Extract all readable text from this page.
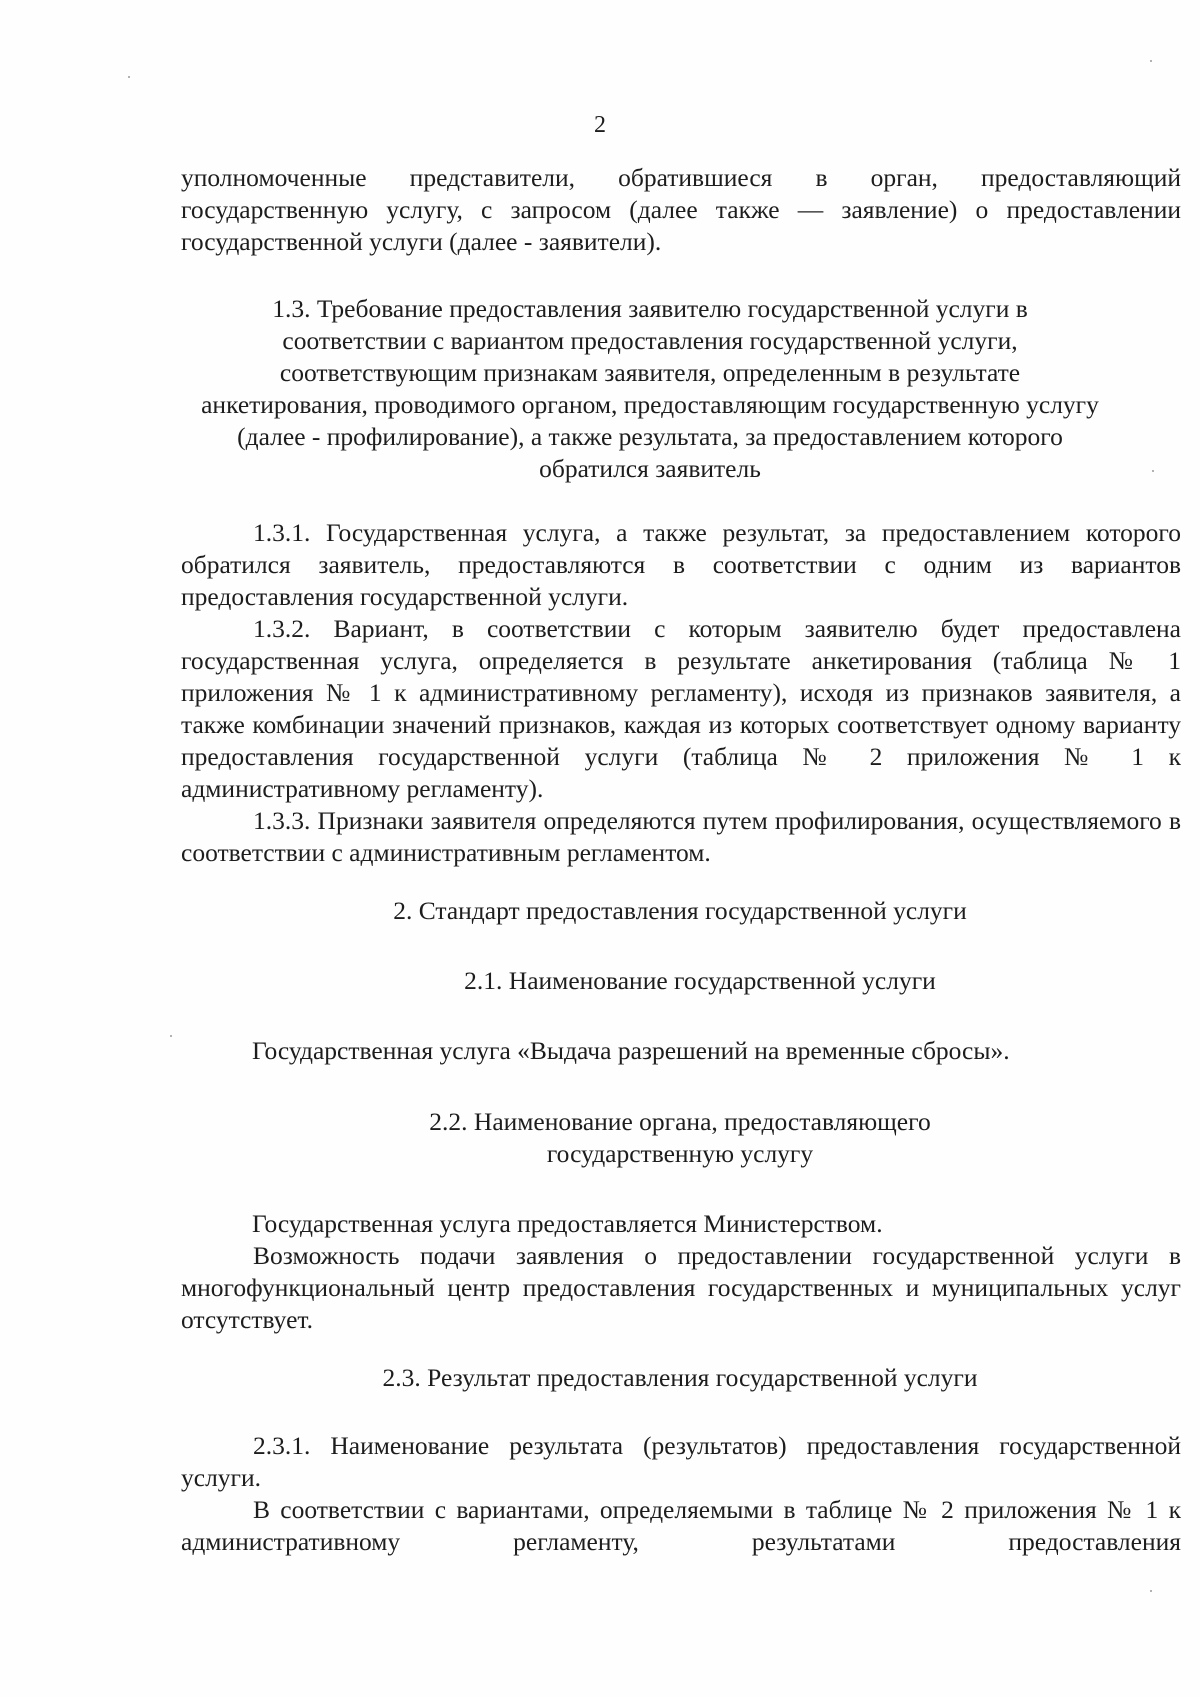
2

уполномоченные представители, обратившиеся в орган, предоставляющий государственную услугу, с запросом (далее также — заявление) о предоставлении государственной услуги (далее - заявители).

1.3. Требование предоставления заявителю государственной услуги в соответствии с вариантом предоставления государственной услуги, соответствующим признакам заявителя, определенным в результате анкетирования, проводимого органом, предоставляющим государственную услугу (далее - профилирование), а также результата, за предоставлением которого обратился заявитель

1.3.1. Государственная услуга, а также результат, за предоставлением которого обратился заявитель, предоставляются в соответствии с одним из вариантов предоставления государственной услуги.

1.3.2. Вариант, в соответствии с которым заявителю будет предоставлена государственная услуга, определяется в результате анкетирования (таблица № 1 приложения № 1 к административному регламенту), исходя из признаков заявителя, а также комбинации значений признаков, каждая из которых соответствует одному варианту предоставления государственной услуги (таблица № 2 приложения № 1 к административному регламенту).

1.3.3. Признаки заявителя определяются путем профилирования, осуществляемого в соответствии с административным регламентом.

2. Стандарт предоставления государственной услуги

2.1. Наименование государственной услуги

Государственная услуга «Выдача разрешений на временные сбросы».

2.2. Наименование органа, предоставляющего

государственную услугу

Государственная услуга предоставляется Министерством.

Возможность подачи заявления о предоставлении государственной услуги в многофункциональный центр предоставления государственных и муниципальных услуг отсутствует.

2.3. Результат предоставления государственной услуги

2.3.1. Наименование результата (результатов) предоставления государственной услуги.

В соответствии с вариантами, определяемыми в таблице № 2 приложения № 1 к административному регламенту, результатами предоставления
